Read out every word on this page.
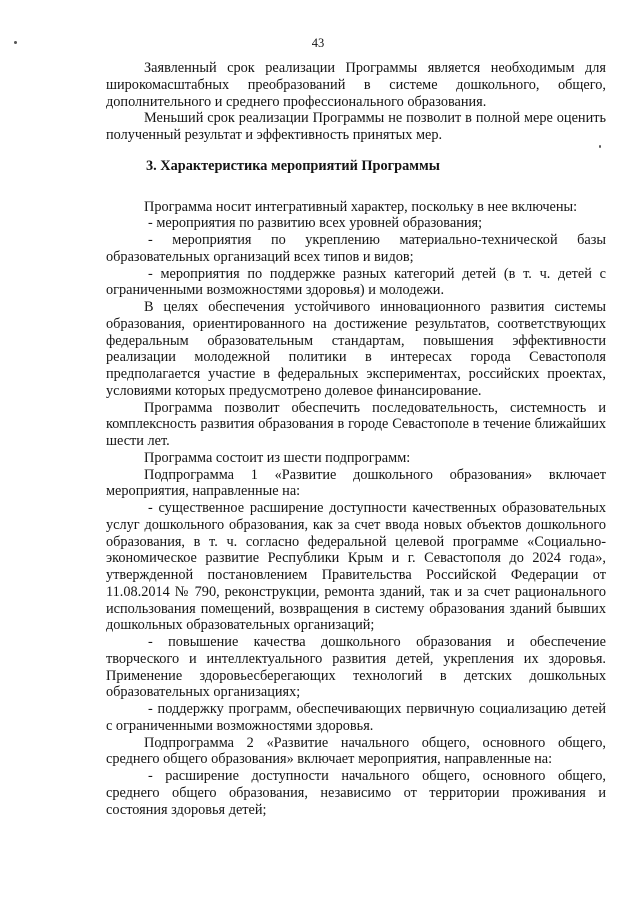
43

Заявленный срок реализации Программы является необходимым для широкомасштабных преобразований в системе дошкольного, общего, дополнительного и среднего профессионального образования.

Меньший срок реализации Программы не позволит в полной мере оценить полученный результат и эффективность принятых мер.

3. Характеристика мероприятий Программы

Программа носит интегративный характер, поскольку в нее включены:

- мероприятия по развитию всех уровней образования;

- мероприятия по укреплению материально-технической базы образовательных организаций всех типов и видов;

- мероприятия по поддержке разных категорий детей (в т. ч. детей с ограниченными возможностями здоровья) и молодежи.

В целях обеспечения устойчивого инновационного развития системы образования, ориентированного на достижение результатов, соответствующих федеральным образовательным стандартам, повышения эффективности реализации молодежной политики в интересах города Севастополя предполагается участие в федеральных экспериментах, российских проектах, условиями которых предусмотрено долевое финансирование.

Программа позволит обеспечить последовательность, системность и комплексность развития образования в городе Севастополе в течение ближайших шести лет.

Программа состоит из шести подпрограмм:

Подпрограмма 1 «Развитие дошкольного образования» включает мероприятия, направленные на:

- существенное расширение доступности качественных образовательных услуг дошкольного образования, как за счет ввода новых объектов дошкольного образования, в т. ч. согласно федеральной целевой программе «Социально-экономическое развитие Республики Крым и г. Севастополя до 2024 года», утвержденной постановлением Правительства Российской Федерации от 11.08.2014 № 790, реконструкции, ремонта зданий, так и за счет рационального использования помещений, возвращения в систему образования зданий бывших дошкольных образовательных организаций;

- повышение качества дошкольного образования и обеспечение творческого и интеллектуального развития детей, укрепления их здоровья. Применение здоровьесберегающих технологий в детских дошкольных образовательных организациях;

- поддержку программ, обеспечивающих первичную социализацию детей с ограниченными возможностями здоровья.

Подпрограмма 2 «Развитие начального общего, основного общего, среднего общего образования» включает мероприятия, направленные на:

- расширение доступности начального общего, основного общего, среднего общего образования, независимо от территории проживания и состояния здоровья детей;
